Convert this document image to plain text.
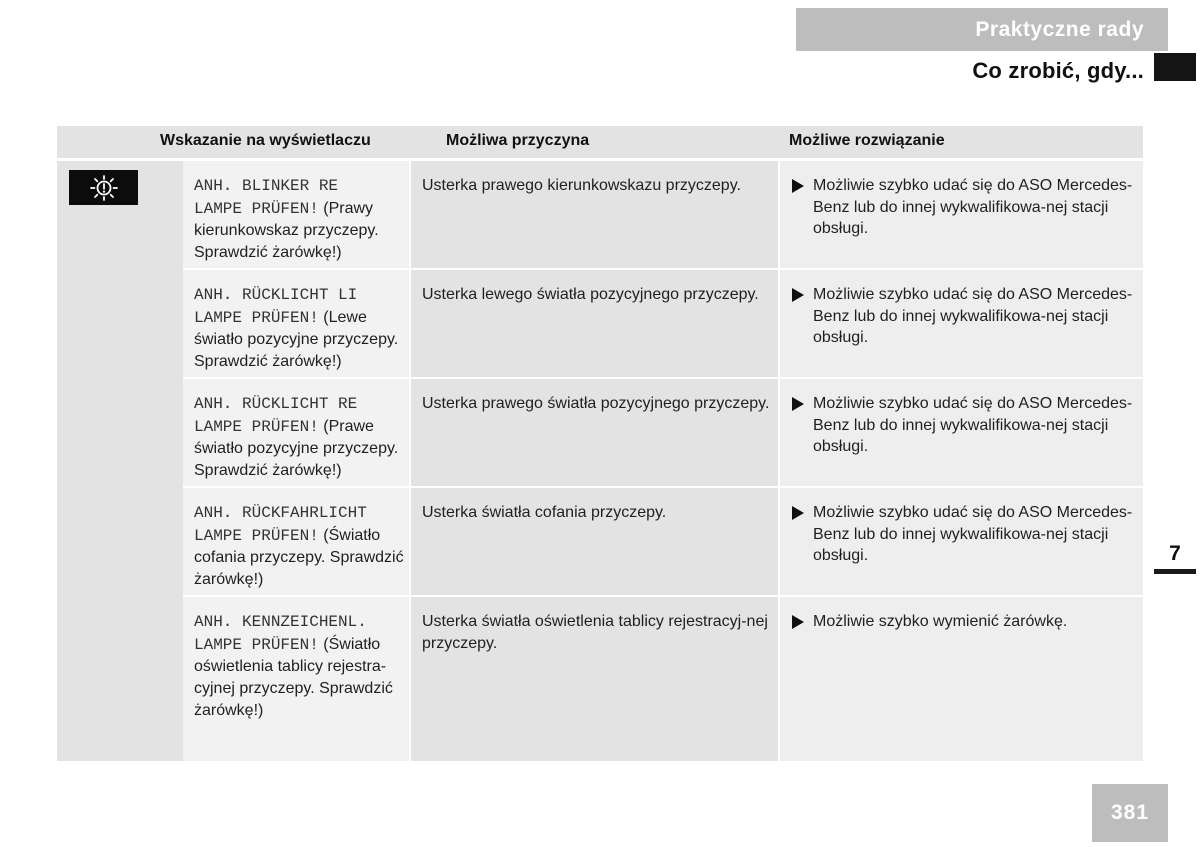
Praktyczne rady
Co zrobić, gdy...
Wskazanie na wyświetlaczu	Możliwa przyczyna	Możliwe rozwiązanie
ANH. BLINKER RE
LAMPE PRÜFEN! (Prawy kierunkowskaz przyczepy. Sprawdzić żarówkę!)
Usterka prawego kierunkowskazu przyczepy.	Możliwie szybko udać się do ASO Mercedes-Benz lub do innej wykwalifikowa-nej stacji obsługi.
ANH. RÜCKLICHT LI
LAMPE PRÜFEN! (Lewe światło pozycyjne przyczepy. Sprawdzić żarówkę!)
Usterka lewego światła pozycyjnego przyczepy.	Możliwie szybko udać się do ASO Mercedes-Benz lub do innej wykwalifikowa-nej stacji obsługi.
ANH. RÜCKLICHT RE
LAMPE PRÜFEN! (Prawe światło pozycyjne przyczepy. Sprawdzić żarówkę!)
Usterka prawego światła pozycyjnego przyczepy.	Możliwie szybko udać się do ASO Mercedes-Benz lub do innej wykwalifikowa-nej stacji obsługi.
ANH. RÜCKFAHRLICHT
LAMPE PRÜFEN! (Światło cofania przyczepy. Sprawdzić żarówkę!)
Usterka światła cofania przyczepy.	Możliwie szybko udać się do ASO Mercedes-Benz lub do innej wykwalifikowa-nej stacji obsługi.
ANH. KENNZEICHENL.
LAMPE PRÜFEN! (Światło oświetlenia tablicy rejestra-cyjnej przyczepy. Sprawdzić żarówkę!)
Usterka światła oświetlenia tablicy rejestracyj-nej przyczepy.
Możliwie szybko wymienić żarówkę.
7
381
